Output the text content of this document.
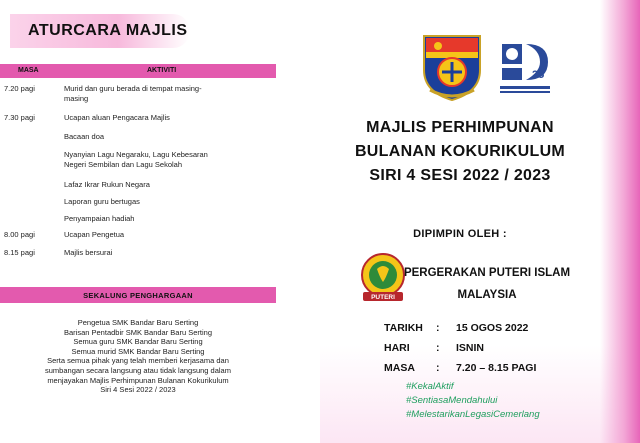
ATURCARA MAJLIS
MASA	AKTIVITI
7.20 pagi	Murid dan guru berada di tempat masing-
masing
7.30 pagi	Ucapan aluan Pengacara Majlis
Bacaan doa
Nyanyian Lagu Negaraku, Lagu Kebesaran
Negeri Sembilan dan Lagu Sekolah
Lafaz Ikrar Rukun Negara
Laporan guru bertugas
Penyampaian hadiah
8.00 pagi	Ucapan Pengetua
8.15 pagi	Majlis bersurai
SEKALUNG PENGHARGAAN
Pengetua SMK Bandar Baru Serting
Barisan Pentadbir SMK Bandar Baru Serting
Semua guru SMK Bandar Baru Serting
Semua murid SMK Bandar Baru Serting
Serta semua pihak yang telah memberi kerjasama dan
sumbangan secara langsung atau tidak langsung dalam
menjayakan Majlis Perhimpunan Bulanan Kokurikulum
Siri 4 Sesi 2022 / 2023
25
MAJLIS PERHIMPUNAN
BULANAN KOKURIKULUM
SIRI 4 SESI 2022 / 2023
DIPIMPIN OLEH :
PUTERI
PERGERAKAN PUTERI ISLAM
MALAYSIA
TARIKH	: 15 OGOS 2022
HARI	: ISNIN
MASA	: 7.20 – 8.15 PAGI
#KekalAktif
#SentiasaMendahului
#MelestarikanLegasiCemerlang
